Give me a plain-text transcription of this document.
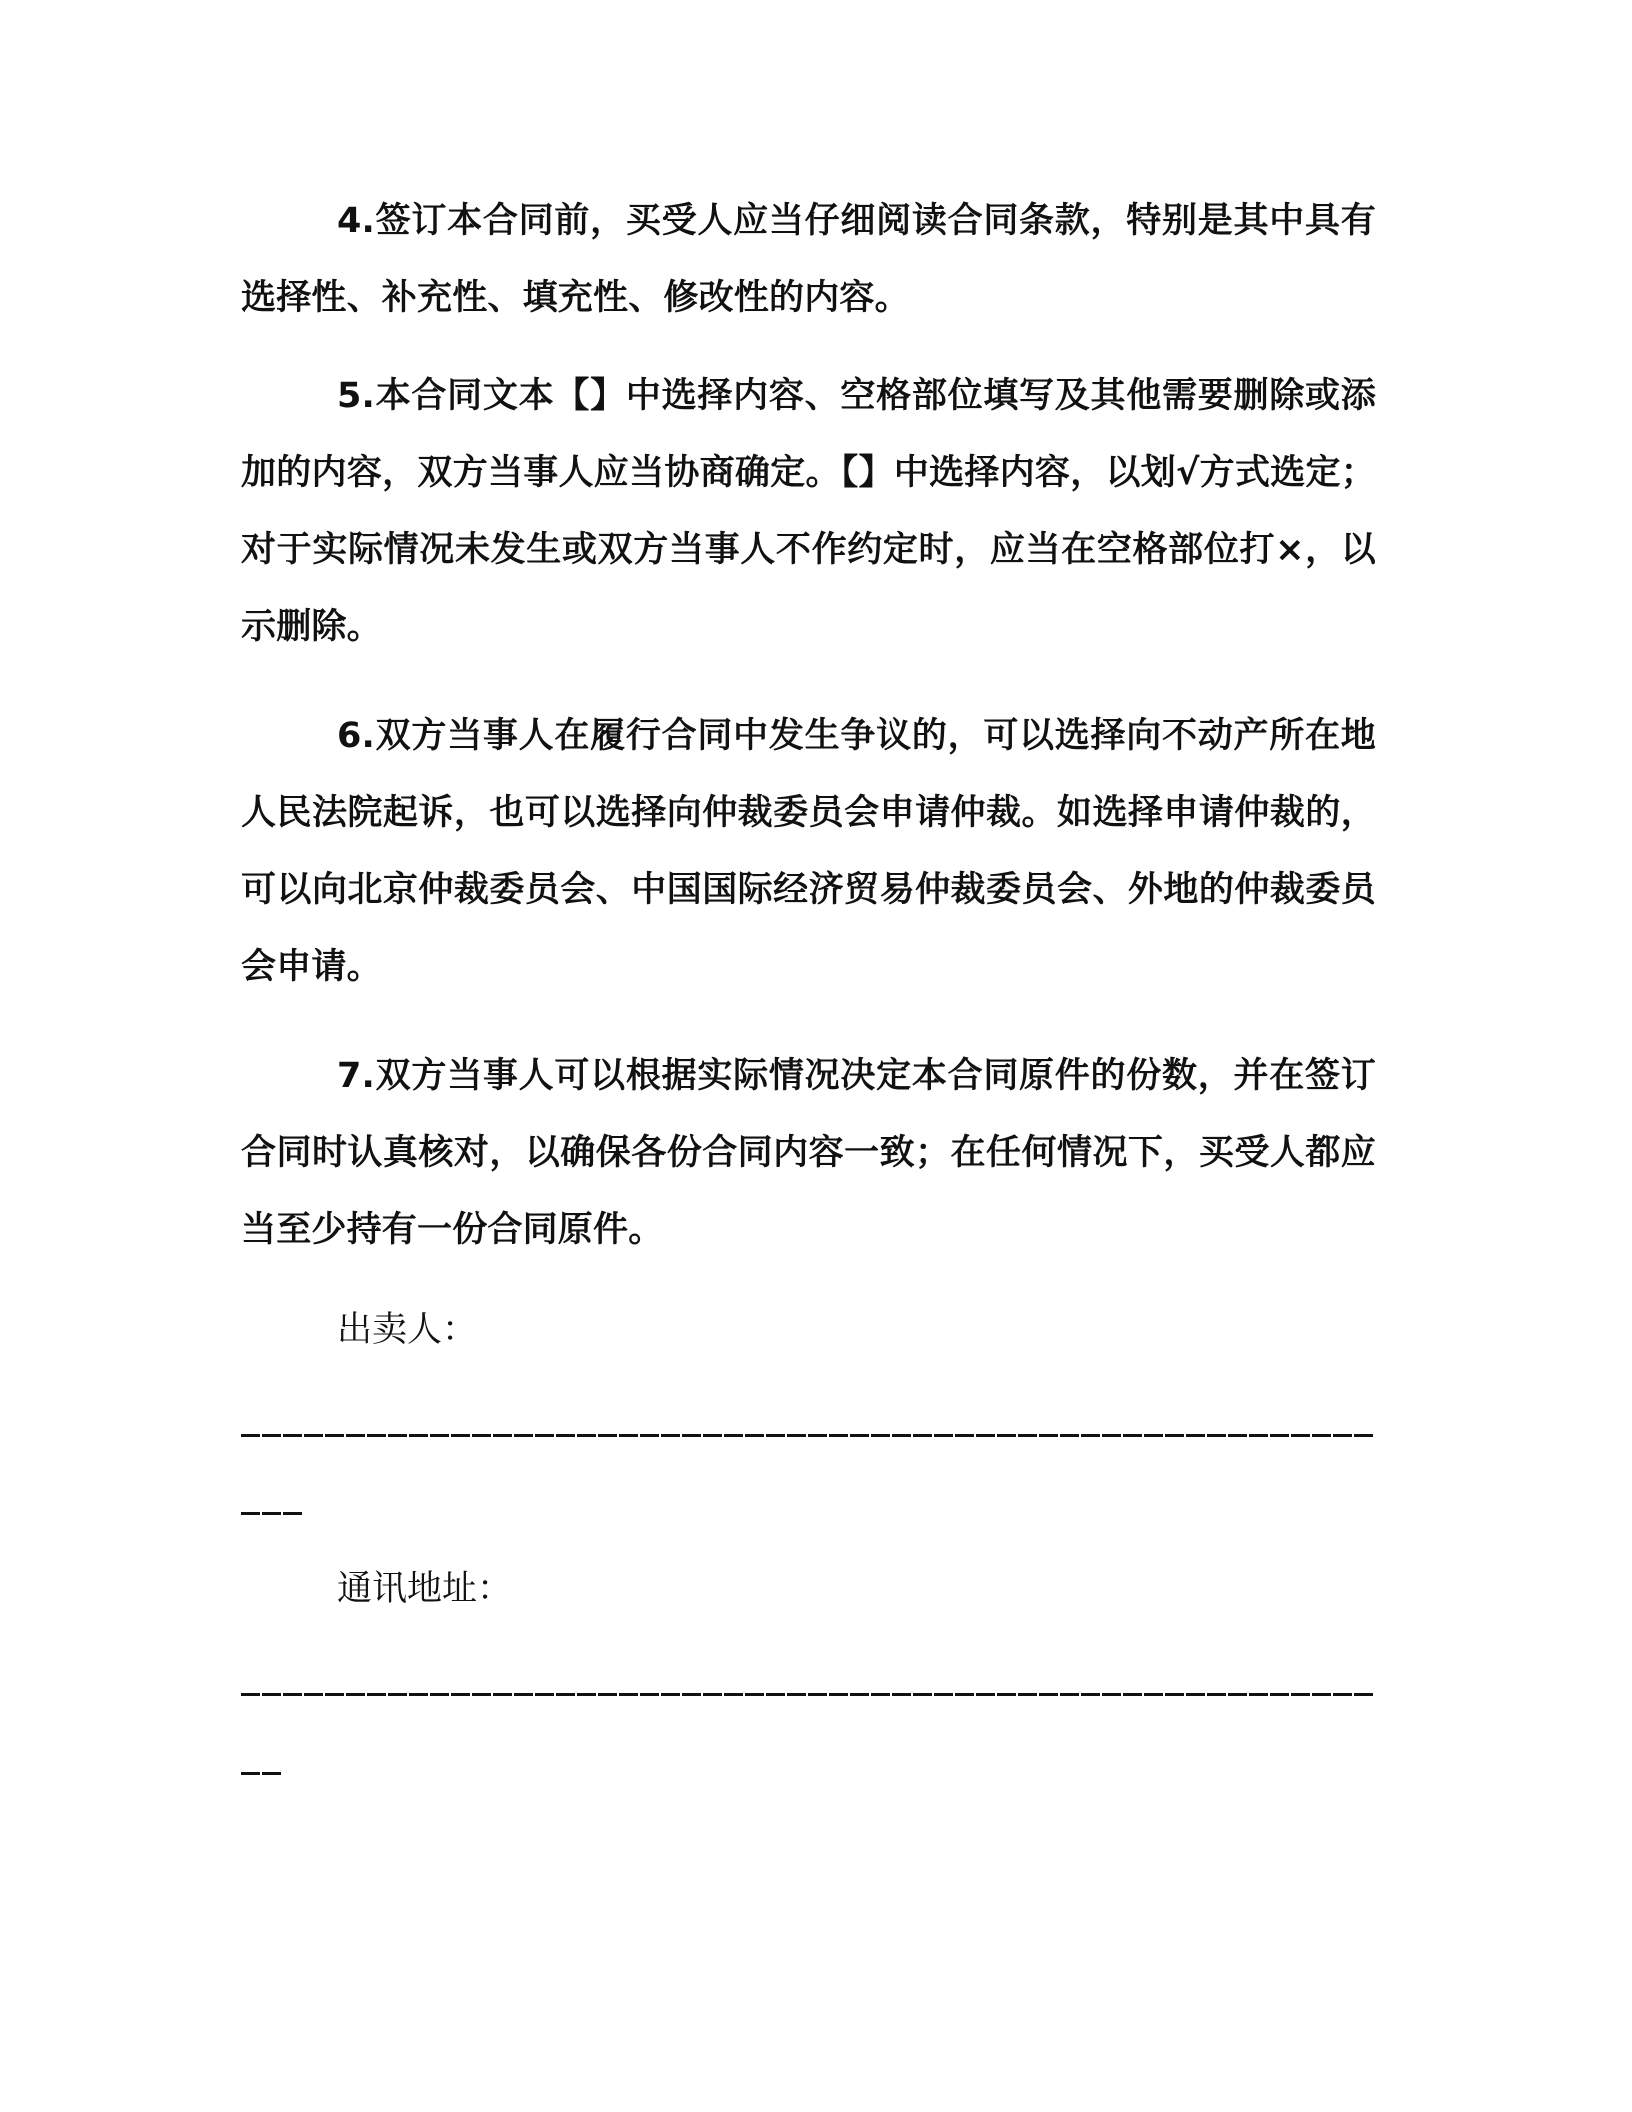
4.签订本合同前，买受人应当仔细阅读合同条款，特别是其中具有选择性、补充性、填充性、修改性的内容。

5.本合同文本【】中选择内容、空格部位填写及其他需要删除或添加的内容，双方当事人应当协商确定。【】中选择内容，以划√方式选定；对于实际情况未发生或双方当事人不作约定时，应当在空格部位打×，以示删除。

6.双方当事人在履行合同中发生争议的，可以选择向不动产所在地人民法院起诉，也可以选择向仲裁委员会申请仲裁。如选择申请仲裁的，可以向北京仲裁委员会、中国国际经济贸易仲裁委员会、外地的仲裁委员会申请。

7.双方当事人可以根据实际情况决定本合同原件的份数，并在签订合同时认真核对，以确保各份合同内容一致；在任何情况下，买受人都应当至少持有一份合同原件。

出卖人：

通讯地址：
